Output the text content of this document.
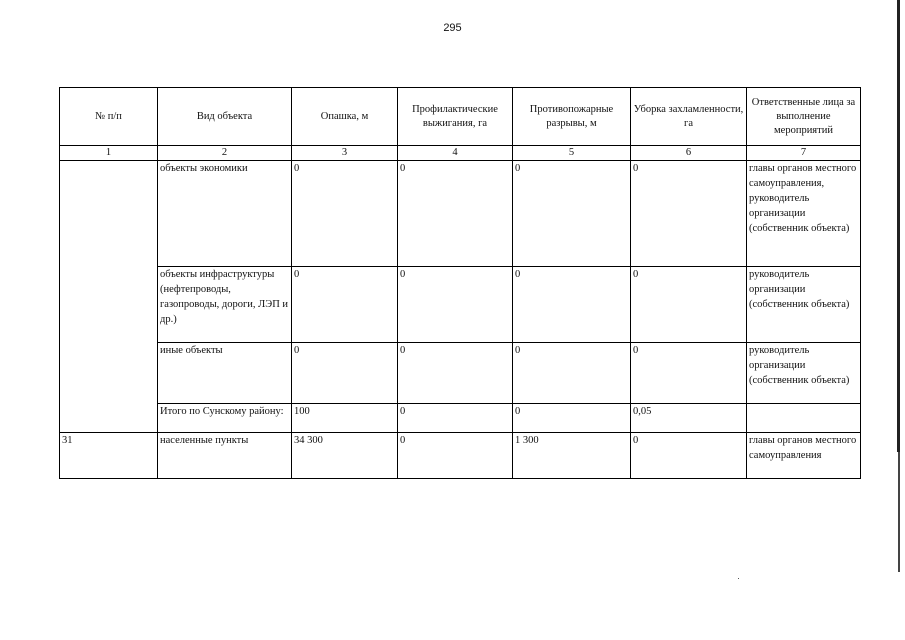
295
№ п/п	Вид объекта	Опашка, м	Профилактические выжигания, га	Противопожарные разрывы, м	Уборка захламленности, га	Ответственные лица за выполнение мероприятий
1	2	3	4	5	6	7
	объекты экономики	0	0	0	0	главы органов местного самоуправления, руководитель организации (собственник объекта)
	объекты инфраструктуры (нефтепроводы, газопроводы, дороги, ЛЭП и др.)	0	0	0	0	руководитель организации (собственник объекта)
	иные объекты	0	0	0	0	руководитель организации (собственник объекта)
	Итого по Сунскому району:	100	0	0	0,05	
31	населенные пункты	34 300	0	1 300	0	главы органов местного самоуправления
